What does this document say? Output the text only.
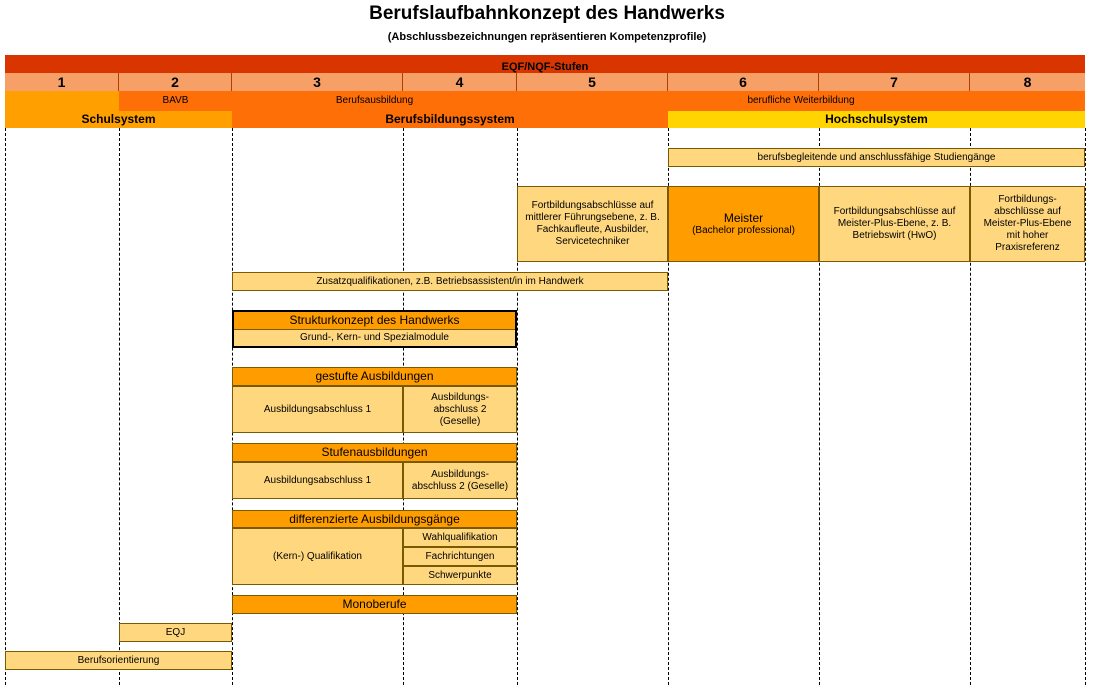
Berufslaufbahnkonzept des Handwerks
(Abschlussbezeichnungen repräsentieren Kompetenzprofile)
EQF/NQF-Stufen
1	2	3	4	5	6	7	8
BAVB	Berufsausbildung	berufliche Weiterbildung
Schulsystem	Berufsbildungssystem	Hochschulsystem
berufsbegleitende und anschlussfähige Studiengänge
Fortbildungsabschlüsse auf mittlerer Führungsebene, z. B. Fachkaufleute, Ausbilder, Servicetechniker
Meister
(Bachelor professional)
Fortbildungsabschlüsse auf Meister-Plus-Ebene, z. B. Betriebswirt (HwO)
Fortbildungs-abschlüsse auf Meister-Plus-Ebene mit hoher Praxisreferenz
Zusatzqualifikationen, z.B. Betriebsassistent/in im Handwerk
Strukturkonzept des Handwerks
Grund-, Kern- und Spezialmodule
gestufte Ausbildungen
Ausbildungsabschluss 1
Ausbildungs-abschluss 2 (Geselle)
Stufenausbildungen
Ausbildungsabschluss 1
Ausbildungs-abschluss 2 (Geselle)
differenzierte Ausbildungsgänge
(Kern-) Qualifikation
Wahlqualifikation
Fachrichtungen
Schwerpunkte
Monoberufe
EQJ
Berufsorientierung
